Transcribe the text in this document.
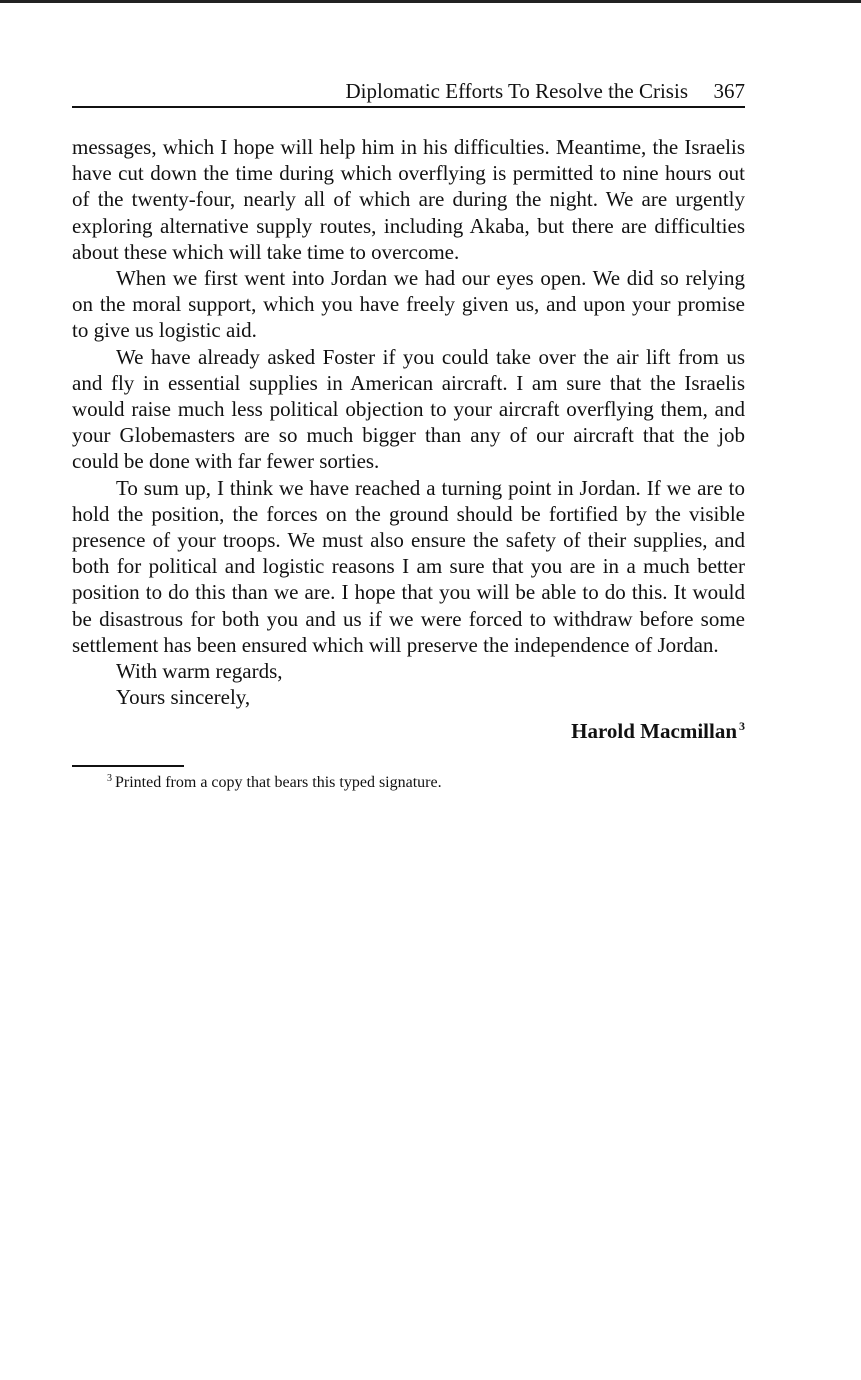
Diplomatic Efforts To Resolve the Crisis 367

messages, which I hope will help him in his difficulties. Meantime, the Israelis have cut down the time during which overflying is permitted to nine hours out of the twenty-four, nearly all of which are during the night. We are urgently exploring alternative supply routes, including Akaba, but there are difficulties about these which will take time to overcome.

When we first went into Jordan we had our eyes open. We did so relying on the moral support, which you have freely given us, and upon your promise to give us logistic aid.

We have already asked Foster if you could take over the air lift from us and fly in essential supplies in American aircraft. I am sure that the Israelis would raise much less political objection to your aircraft overflying them, and your Globemasters are so much bigger than any of our aircraft that the job could be done with far fewer sorties.

To sum up, I think we have reached a turning point in Jordan. If we are to hold the position, the forces on the ground should be fortified by the visible presence of your troops. We must also ensure the safety of their supplies, and both for political and logistic reasons I am sure that you are in a much better position to do this than we are. I hope that you will be able to do this. It would be disastrous for both you and us if we were forced to withdraw before some settlement has been ensured which will preserve the independence of Jordan.

With warm regards,

Yours sincerely,

Harold Macmillan $^3$
$^3$ Printed from a copy that bears this typed signature.
